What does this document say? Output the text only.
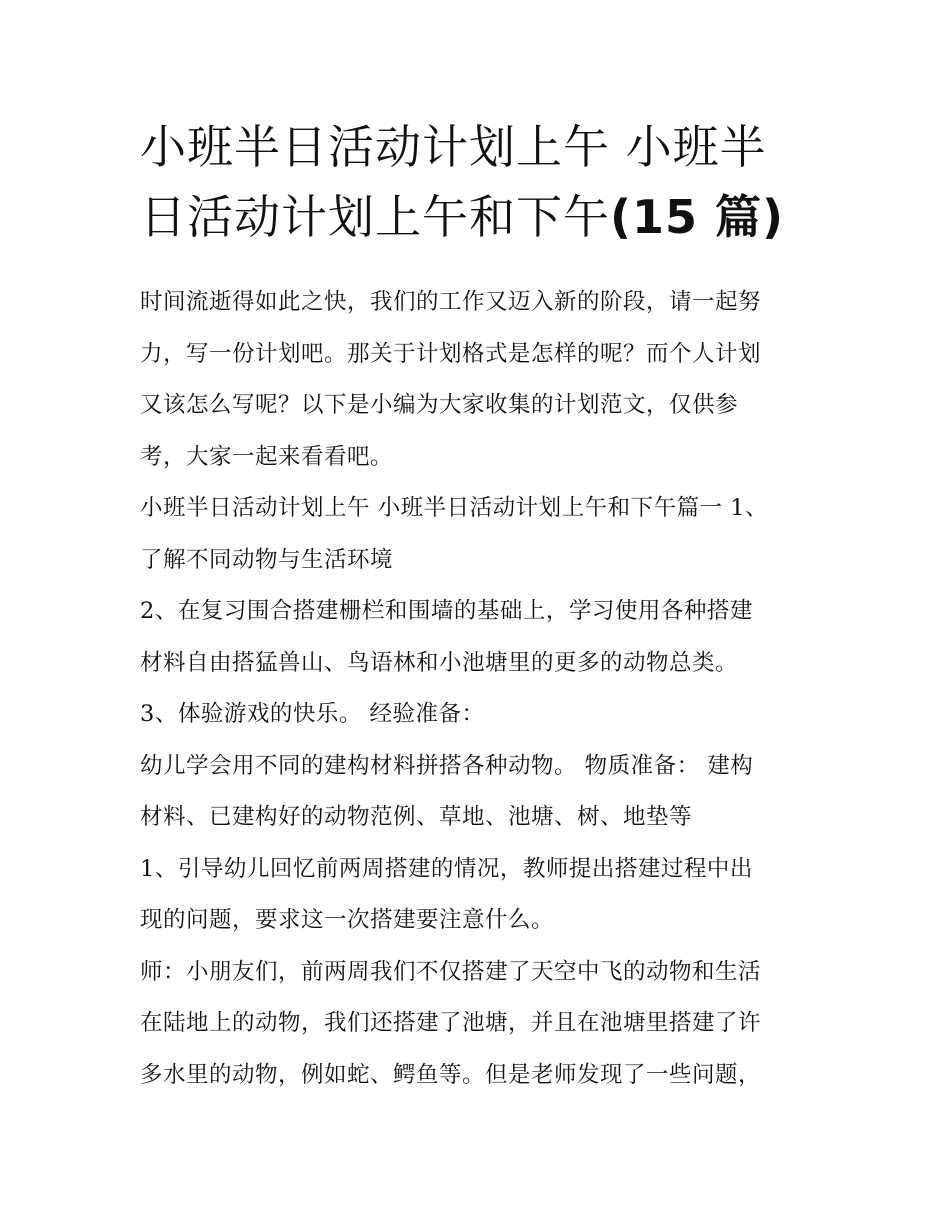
小班半日活动计划上午 小班半
日活动计划上午和下午(15 篇)

时间流逝得如此之快，我们的工作又迈入新的阶段，请一起努
力，写一份计划吧。那关于计划格式是怎样的呢？而个人计划
又该怎么写呢？以下是小编为大家收集的计划范文，仅供参
考，大家一起来看看吧。

小班半日活动计划上午 小班半日活动计划上午和下午篇一 1、
了解不同动物与生活环境

2、在复习围合搭建栅栏和围墙的基础上，学习使用各种搭建
材料自由搭猛兽山、鸟语林和小池塘里的更多的动物总类。

3、体验游戏的快乐。 经验准备：

幼儿学会用不同的建构材料拼搭各种动物。 物质准备： 建构
材料、已建构好的动物范例、草地、池塘、树、地垫等

1、引导幼儿回忆前两周搭建的情况，教师提出搭建过程中出
现的问题，要求这一次搭建要注意什么。

师：小朋友们，前两周我们不仅搭建了天空中飞的动物和生活
在陆地上的动物，我们还搭建了池塘，并且在池塘里搭建了许
多水里的动物，例如蛇、鳄鱼等。但是老师发现了一些问题，
